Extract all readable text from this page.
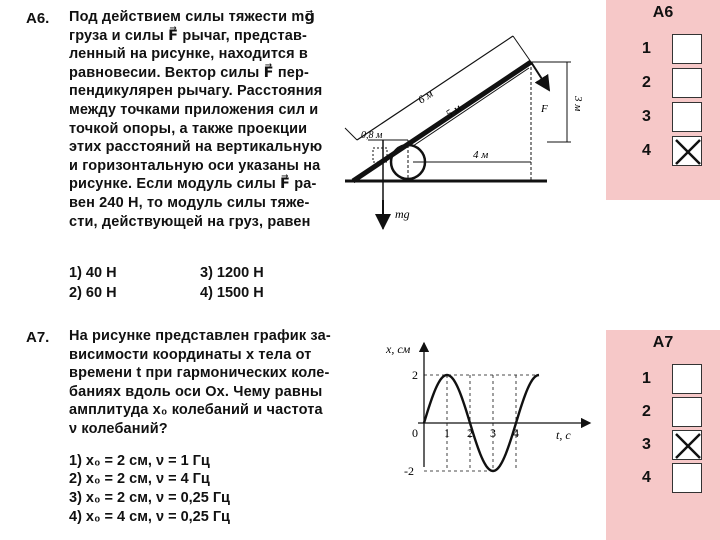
А6. Под действием силы тяжести mg⃗

груза и силы F⃗ рычаг, представ-

ленный на рисунке, находится в

равновесии. Вектор силы F⃗ пер-

пендикулярен рычагу. Расстояния

между точками приложения сил и

точкой опоры, а также проекции

этих расстояний на вертикальную

и горизонтальную оси указаны на

рисунке. Если модуль силы F⃗ ра-

вен 240 Н, то модуль силы тяже-

сти, действующей на груз, равен

1) 40 Н
2) 60 Н
3) 1200 Н
4) 1500 Н
mg⃗
F⃗
6 м
5 м
0,8 м
4 м
3 м
А6
1
2
3
4
А7. На рисунке представлен график за-

висимости координаты x тела от

времени t при гармонических коле-

баниях вдоль оси Ox. Чему равны

амплитуда x₀ колебаний и частота

ν колебаний?

1) x₀ = 2 см, ν = 1 Гц
2) x₀ = 2 см, ν = 4 Гц
3) x₀ = 2 см, ν = 0,25 Гц
4) x₀ = 4 см, ν = 0,25 Гц
0 1 2 3 4
2
-2
x, см
t, с
А7
1
2
3
4
